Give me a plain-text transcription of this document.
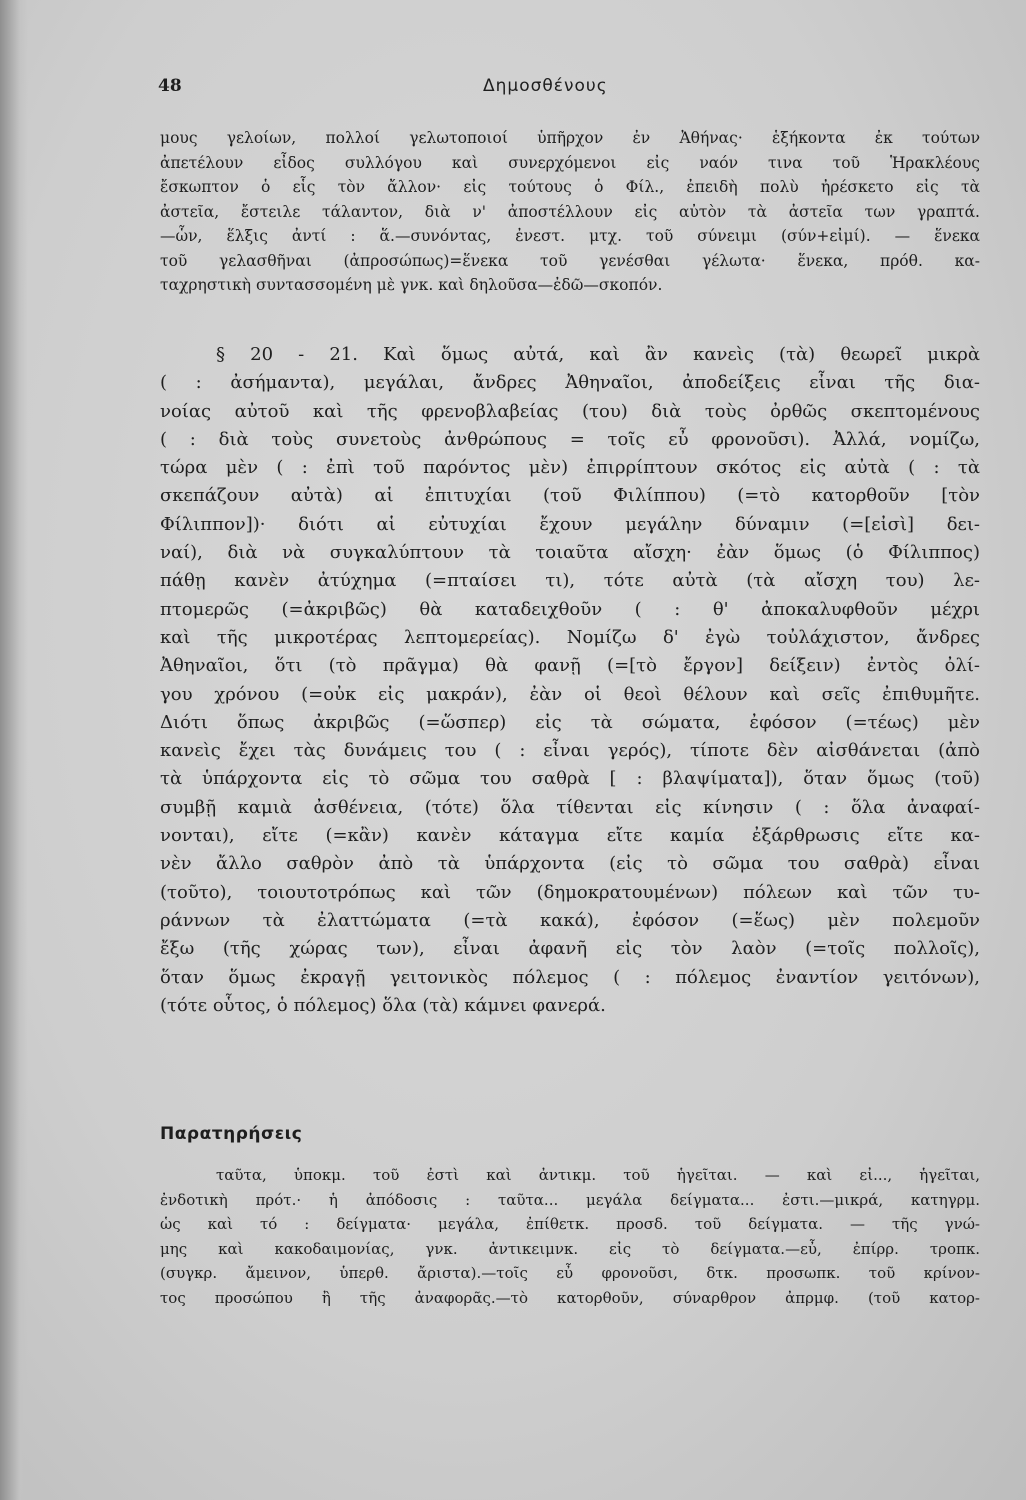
48	Δημοσθένους
μους γελοίων, πολλοί γελωτοποιοί ὑπῆρχον ἐν Ἀθήνας· ἑξήκοντα ἐκ τούτων
ἀπετέλουν εἶδος συλλόγου καὶ συνερχόμενοι εἰς ναόν τινα τοῦ Ἡρακλέους
ἔσκωπτον ὁ εἷς τὸν ἄλλον· εἰς τούτους ὁ Φίλ., ἐπειδὴ πολὺ ἠρέσκετο εἰς τὰ
ἀστεῖα, ἔστειλε τάλαντον, διὰ ν' ἀποστέλλουν εἰς αὐτὸν τὰ ἀστεῖα των γραπτά.
—ὧν, ἕλξις ἀντί : ἅ.—συνόντας, ἐνεστ. μτχ. τοῦ σύνειμι (σύν+εἰμί). — ἕνεκα
τοῦ γελασθῆναι (ἀπροσώπως)=ἕνεκα τοῦ γενέσθαι γέλωτα· ἕνεκα, πρόθ. κα-
ταχρηστικὴ συντασσομένη μὲ γνκ. καὶ δηλοῦσα—ἐδῶ—σκοπόν.
§ 20 - 21. Καὶ ὅμως αὐτά, καὶ ἂν κανεὶς (τὰ) θεωρεῖ μικρὰ
( : ἀσήμαντα), μεγάλαι, ἄνδρες Ἀθηναῖοι, ἀποδείξεις εἶναι τῆς δια-
νοίας αὐτοῦ καὶ τῆς φρενοβλαβείας (του) διὰ τοὺς ὀρθῶς σκεπτομένους
( : διὰ τοὺς συνετοὺς ἀνθρώπους = τοῖς εὖ φρονοῦσι). Ἀλλά, νομίζω,
τώρα μὲν ( : ἐπὶ τοῦ παρόντος μὲν) ἐπιρρίπτουν σκότος εἰς αὐτὰ ( : τὰ
σκεπάζουν αὐτὰ) αἱ ἐπιτυχίαι (τοῦ Φιλίππου) (=τὸ κατορθοῦν [τὸν
Φίλιππον])· διότι αἱ εὐτυχίαι ἔχουν μεγάλην δύναμιν (=[εἰσὶ] δει-
ναί), διὰ νὰ συγκαλύπτουν τὰ τοιαῦτα αἴσχη· ἐὰν ὅμως (ὁ Φίλιππος)
πάθῃ κανὲν ἀτύχημα (=πταίσει τι), τότε αὐτὰ (τὰ αἴσχη του) λε-
πτομερῶς (=ἀκριβῶς) θὰ καταδειχθοῦν ( : θ' ἀποκαλυφθοῦν μέχρι
καὶ τῆς μικροτέρας λεπτομερείας). Νομίζω δ' ἐγὼ τοὐλάχιστον, ἄνδρες
Ἀθηναῖοι, ὅτι (τὸ πρᾶγμα) θὰ φανῇ (=[τὸ ἔργον] δείξειν) ἐντὸς ὀλί-
γου χρόνου (=οὐκ εἰς μακράν), ἐὰν οἱ θεοὶ θέλουν καὶ σεῖς ἐπιθυμῆτε.
Διότι ὅπως ἀκριβῶς (=ὥσπερ) εἰς τὰ σώματα, ἐφόσον (=τέως) μὲν
κανεὶς ἔχει τὰς δυνάμεις του ( : εἶναι γερός), τίποτε δὲν αἰσθάνεται (ἀπὸ
τὰ ὑπάρχοντα εἰς τὸ σῶμα του σαθρὰ [ : βλαψίματα]), ὅταν ὅμως (τοῦ)
συμβῇ καμιὰ ἀσθένεια, (τότε) ὅλα τίθενται εἰς κίνησιν ( : ὅλα ἀναφαί-
νονται), εἴτε (=κἂν) κανὲν κάταγμα εἴτε καμία ἐξάρθρωσις εἴτε κα-
νὲν ἄλλο σαθρὸν ἀπὸ τὰ ὑπάρχοντα (εἰς τὸ σῶμα του σαθρὰ) εἶναι
(τοῦτο), τοιουτοτρόπως καὶ τῶν (δημοκρατουμένων) πόλεων καὶ τῶν τυ-
ράννων τὰ ἐλαττώματα (=τὰ κακά), ἐφόσον (=ἕως) μὲν πολεμοῦν
ἔξω (τῆς χώρας των), εἶναι ἀφανῆ εἰς τὸν λαὸν (=τοῖς πολλοῖς),
ὅταν ὅμως ἐκραγῇ γειτονικὸς πόλεμος ( : πόλεμος ἐναντίον γειτόνων),
(τότε οὗτος, ὁ πόλεμος) ὅλα (τὰ) κάμνει φανερά.
Παρατηρήσεις
ταῦτα, ὑποκμ. τοῦ ἐστὶ καὶ ἀντικμ. τοῦ ἡγεῖται. — καὶ εἰ..., ἡγεῖται,
ἐνδοτικὴ πρότ.· ἡ ἀπόδοσις : ταῦτα... μεγάλα δείγματα... ἐστι.—μικρά, κατηγρμ.
ὡς καὶ τό : δείγματα· μεγάλα, ἐπίθετκ. προσδ. τοῦ δείγματα. — τῆς γνώ-
μης καὶ κακοδαιμονίας, γνκ. ἀντικειμνκ. εἰς τὸ δείγματα.—εὖ, ἐπίρρ. τροπκ.
(συγκρ. ἄμεινον, ὑπερθ. ἄριστα).—τοῖς εὖ φρονοῦσι, δτκ. προσωπκ. τοῦ κρίνον-
τος προσώπου ἢ τῆς ἀναφορᾶς.—τὸ κατορθοῦν, σύναρθρον ἀπρμφ. (τοῦ κατορ-
